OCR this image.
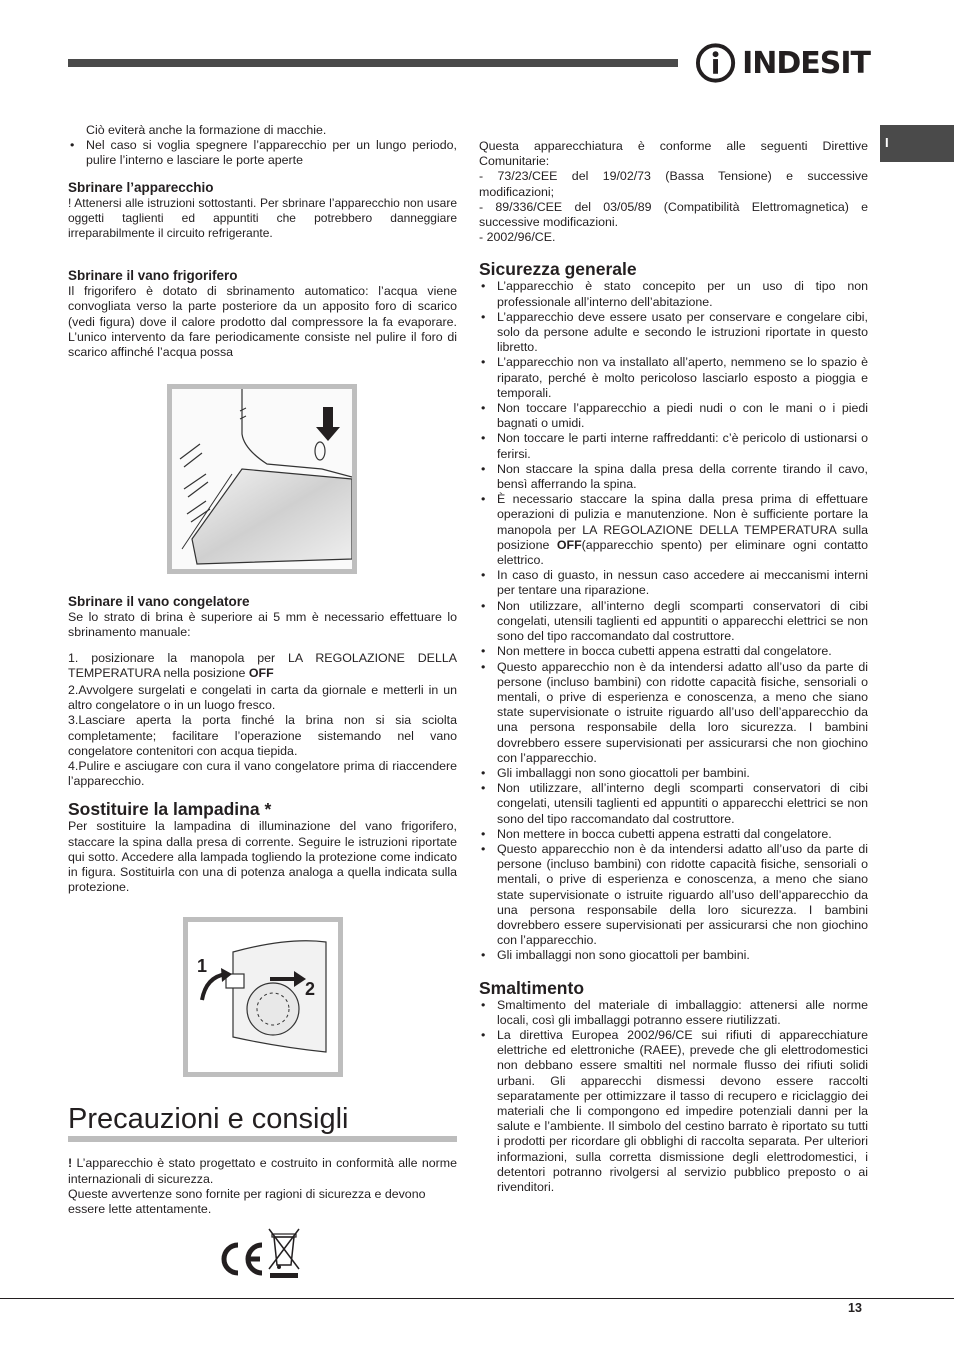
INDESIT
I

Ciò eviterà anche la formazione di macchie.

• Nel caso si voglia spegnere l’apparecchio per un lungo periodo, pulire l’interno e lasciare le porte aperte
Sbrinare l’apparecchio

! Attenersi alle istruzioni sottostanti. Per sbrinare l’apparecchio non usare oggetti taglienti ed appuntiti che potrebbero danneggiare irreparabilmente il circuito refrigerante.

Sbrinare il vano frigorifero

Il frigorifero è dotato di sbrinamento automatico: l’acqua viene convogliata verso la parte posteriore da un apposito foro di scarico (vedi figura) dove il calore prodotto dal compressore la fa evaporare. L’unico intervento da fare periodicamente consiste nel pulire il foro di scarico affinché l’acqua possa

Sbrinare il vano congelatore

Se lo strato di brina è superiore ai 5 mm è necessario effettuare lo sbrinamento manuale:

1. posizionare la manopola per LA REGOLAZIONE DELLA TEMPERATURA nella posizione OFF

2.Avvolgere surgelati e congelati in carta da giornale e metterli in un altro congelatore o in un luogo fresco.

3.Lasciare aperta la porta finché la brina non si sia sciolta completamente; facilitare l’operazione sistemando nel vano congelatore contenitori con acqua tiepida.

4.Pulire e asciugare con cura il vano congelatore prima di riaccendere l’apparecchio.

Sostituire la lampadina *

Per sostituire la lampadina di illuminazione del vano frigorifero, staccare la spina dalla presa di corrente. Seguire le istruzioni riportate qui sotto. Accedere alla lampada togliendo la protezione come indicato in figura. Sostituirla con una di potenza analoga a quella indicata sulla protezione.

1
2
Precauzioni e consigli

! L’apparecchio è stato progettato e costruito in conformità alle norme internazionali di sicurezza.

Queste avvertenze sono fornite per ragioni di sicurezza e devono essere lette attentamente.

Questa apparecchiatura è conforme alle seguenti Direttive Comunitarie:

- 73/23/CEE del 19/02/73 (Bassa Tensione) e successive modificazioni;

- 89/336/CEE del 03/05/89 (Compatibilità Elettromagnetica) e successive modificazioni.

- 2002/96/CE.

Sicurezza generale
• L’apparecchio è stato concepito per un uso di tipo non professionale all’interno dell’abitazione.
• L’apparecchio deve essere usato per conservare e congelare cibi, solo da persone adulte e secondo le istruzioni riportate in questo libretto.
• L’apparecchio non va installato all’aperto, nemmeno se lo spazio è riparato, perché è molto pericoloso lasciarlo esposto a pioggia e temporali.
• Non toccare l’apparecchio a piedi nudi o con le mani o i piedi bagnati o umidi.
• Non toccare le parti interne raffreddanti: c’è pericolo di ustionarsi o ferirsi.
• Non staccare la spina dalla presa della corrente tirando il cavo, bensì afferrando la spina.
• È necessario staccare la spina dalla presa prima di effettuare operazioni di pulizia e manutenzione. Non è sufficiente portare la manopola per LA REGOLAZIONE DELLA TEMPERATURA sulla posizione OFF(apparecchio spento) per eliminare ogni contatto elettrico.
• In caso di guasto, in nessun caso accedere ai meccanismi interni per tentare una riparazione.
• Non utilizzare, all’interno degli scomparti conservatori di cibi congelati, utensili taglienti ed appuntiti o apparecchi elettrici se non sono del tipo raccomandato dal costruttore.
• Non mettere in bocca cubetti appena estratti dal congelatore.
• Questo apparecchio non è da intendersi adatto all’uso da parte di persone (incluso bambini) con ridotte capacità fisiche, sensoriali o mentali, o prive di esperienza e conoscenza, a meno che siano state supervisionate o istruite riguardo all’uso dell’apparecchio da una persona responsabile della loro sicurezza. I bambini dovrebbero essere supervisionati per assicurarsi che non giochino con l’apparecchio.
• Gli imballaggi non sono giocattoli per bambini.
• Non utilizzare, all’interno degli scomparti conservatori di cibi congelati, utensili taglienti ed appuntiti o apparecchi elettrici se non sono del tipo raccomandato dal costruttore.
• Non mettere in bocca cubetti appena estratti dal congelatore.
• Questo apparecchio non è da intendersi adatto all’uso da parte di persone (incluso bambini) con ridotte capacità fisiche, sensoriali o mentali, o prive di esperienza e conoscenza, a meno che siano state supervisionate o istruite riguardo all’uso dell’apparecchio da una persona responsabile della loro sicurezza. I bambini dovrebbero essere supervisionati per assicurarsi che non giochino con l’apparecchio.
• Gli imballaggi non sono giocattoli per bambini.
Smaltimento
• Smaltimento del materiale di imballaggio: attenersi alle norme locali, così gli imballaggi potranno essere riutilizzati.
• La direttiva Europea 2002/96/CE sui rifiuti di apparecchiature elettriche ed elettroniche (RAEE), prevede che gli elettrodomestici non debbano essere smaltiti nel normale flusso dei rifiuti solidi urbani. Gli apparecchi dismessi devono essere raccolti separatamente per ottimizzare il tasso di recupero e riciclaggio dei materiali che li compongono ed impedire potenziali danni per la salute e l’ambiente. Il simbolo del cestino barrato è riportato su tutti i prodotti per ricordare gli obblighi di raccolta separata. Per ulteriori informazioni, sulla corretta dismissione degli elettrodomestici, i detentori potranno rivolgersi al servizio pubblico preposto o ai rivenditori.
13
